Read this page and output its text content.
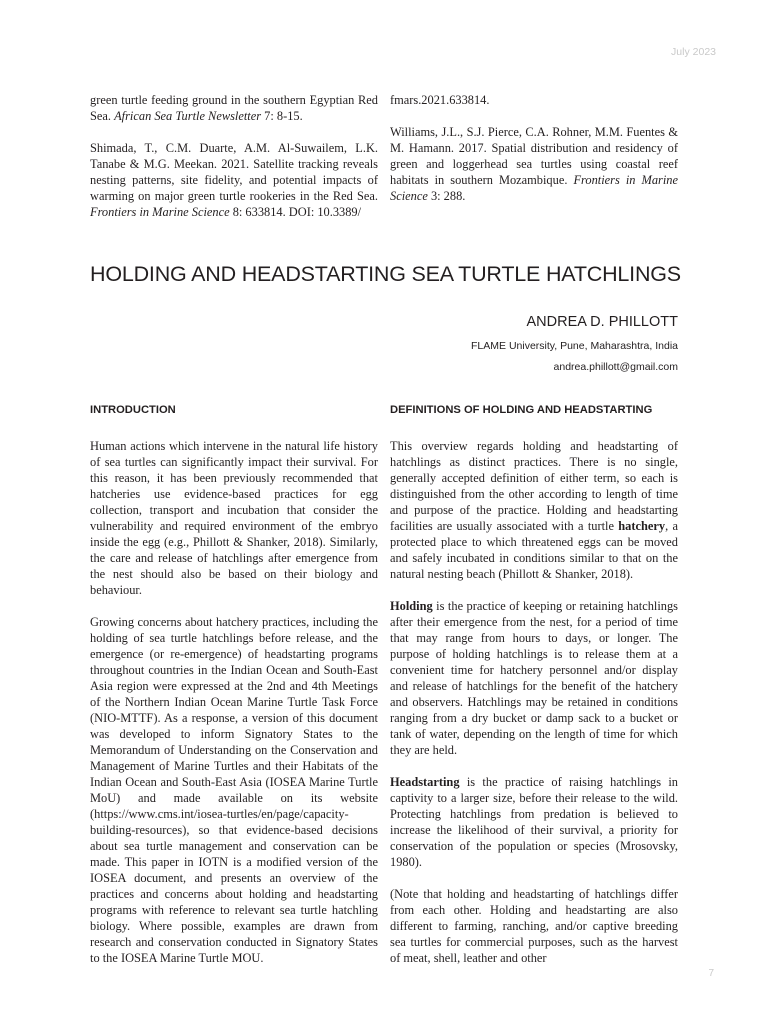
July 2023

green turtle feeding ground in the southern Egyptian Red Sea. African Sea Turtle Newsletter 7: 8-15.

Shimada, T., C.M. Duarte, A.M. Al-Suwailem, L.K. Tanabe & M.G. Meekan. 2021. Satellite tracking reveals nesting patterns, site fidelity, and potential impacts of warming on major green turtle rookeries in the Red Sea. Frontiers in Marine Science 8: 633814. DOI: 10.3389/

fmars.2021.633814.

Williams, J.L., S.J. Pierce, C.A. Rohner, M.M. Fuentes & M. Hamann. 2017. Spatial distribution and residency of green and loggerhead sea turtles using coastal reef habitats in southern Mozambique. Frontiers in Marine Science 3: 288.

HOLDING AND HEADSTARTING SEA TURTLE HATCHLINGS
ANDREA D. PHILLOTT
FLAME University, Pune, Maharashtra, India
andrea.phillott@gmail.com
INTRODUCTION

Human actions which intervene in the natural life history of sea turtles can significantly impact their survival. For this reason, it has been previously recommended that hatcheries use evidence-based practices for egg collection, transport and incubation that consider the vulnerability and required environment of the embryo inside the egg (e.g., Phillott & Shanker, 2018). Similarly, the care and release of hatchlings after emergence from the nest should also be based on their biology and behaviour.

Growing concerns about hatchery practices, including the holding of sea turtle hatchlings before release, and the emergence (or re-emergence) of headstarting programs throughout countries in the Indian Ocean and South-East Asia region were expressed at the 2nd and 4th Meetings of the Northern Indian Ocean Marine Turtle Task Force (NIO-MTTF). As a response, a version of this document was developed to inform Signatory States to the Memorandum of Understanding on the Conservation and Management of Marine Turtles and their Habitats of the Indian Ocean and South-East Asia (IOSEA Marine Turtle MoU) and made available on its website (https://www.cms.int/iosea-turtles/en/page/capacity-building-resources), so that evidence-based decisions about sea turtle management and conservation can be made. This paper in IOTN is a modified version of the IOSEA document, and presents an overview of the practices and concerns about holding and headstarting programs with reference to relevant sea turtle hatchling biology. Where possible, examples are drawn from research and conservation conducted in Signatory States to the IOSEA Marine Turtle MOU.

DEFINITIONS OF HOLDING AND HEADSTARTING

This overview regards holding and headstarting of hatchlings as distinct practices. There is no single, generally accepted definition of either term, so each is distinguished from the other according to length of time and purpose of the practice. Holding and headstarting facilities are usually associated with a turtle hatchery, a protected place to which threatened eggs can be moved and safely incubated in conditions similar to that on the natural nesting beach (Phillott & Shanker, 2018).

Holding is the practice of keeping or retaining hatchlings after their emergence from the nest, for a period of time that may range from hours to days, or longer. The purpose of holding hatchlings is to release them at a convenient time for hatchery personnel and/or display and release of hatchlings for the benefit of the hatchery and observers. Hatchlings may be retained in conditions ranging from a dry bucket or damp sack to a bucket or tank of water, depending on the length of time for which they are held.

Headstarting is the practice of raising hatchlings in captivity to a larger size, before their release to the wild. Protecting hatchlings from predation is believed to increase the likelihood of their survival, a priority for conservation of the population or species (Mrosovsky, 1980).

(Note that holding and headstarting of hatchlings differ from each other. Holding and headstarting are also different to farming, ranching, and/or captive breeding sea turtles for commercial purposes, such as the harvest of meat, shell, leather and other

7
